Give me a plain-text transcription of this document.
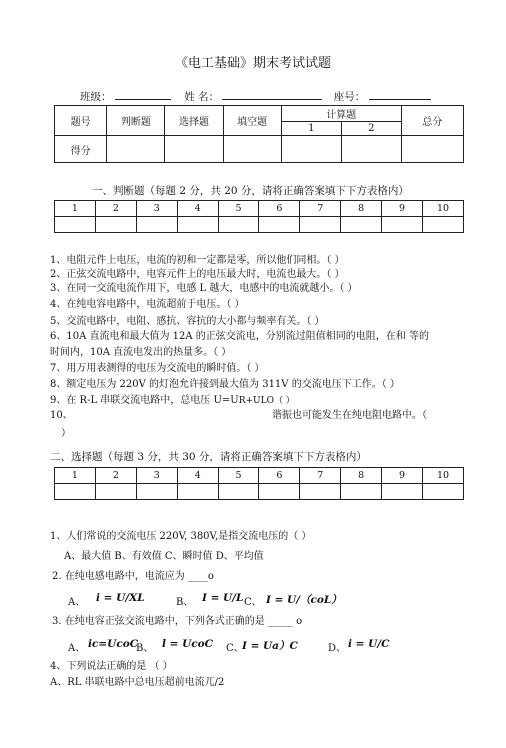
《电工基础》期末考试试题
班级：	姓 名：	座号：
题号	判断题	选择题	填空题	计算题		总分
				1	2	
得分						
一、判断题（每题 2 分，共 20 分，请将正确答案填下下方表格内）
1	2	3	4	5	6	7	8	9	10

1、电阻元件上电压，电流的初和一定都是零，所以他们同相。（ ）
2、正弦交流电路中，电容元件上的电压最大时，电流也最大。（ ）
3、在同一交流电流作用下，电感 L 越大，电感中的电流就越小。（ ）
4、在纯电容电路中，电流超前于电压。（ ）
5、交流电路中，电阻、感抗、容抗的大小都与频率有关。（ ）
6、10A 直流电和最大值为 12A 的正弦交流电，分别流过阻值相同的电阻，在和 等的
时间内，10A 直流电发出的热量多。（ ）
7、用万用表测得的电压为交流电的瞬时值。（ ）
8、额定电压为 220V 的灯泡允许接到最大值为 311V 的交流电压下工作。（ ）
9、在 R-L 串联交流电路中，总电压 U=UR+ULO（ ）
10、	谐振也可能发生在纯电阻电路中。（
）
二、选择题（每题 3 分，共 30 分，请将正确答案填下下方表格内）
1	2	3	4	5	6	7	8	9	10

1、人们常说的交流电压 220V, 380V,是指交流电压的（ ）
A、最大值 B、有效值 C、瞬时值 D、平均值
2. 在纯电感电路中，电流应为 ____o
A、 i = U/XL	B、 I = U/L C、 I = U/（coL）
3. 在纯电容正弦交流电路中，下列各式正确的是 _____ o
A、 ic=UcoC
B、 l = UcoC C、
I = Ua）C	D、 i = U/C
4、下列说法正确的是 （ ）
A、RL 串联电路中总电压超前电流兀/2
